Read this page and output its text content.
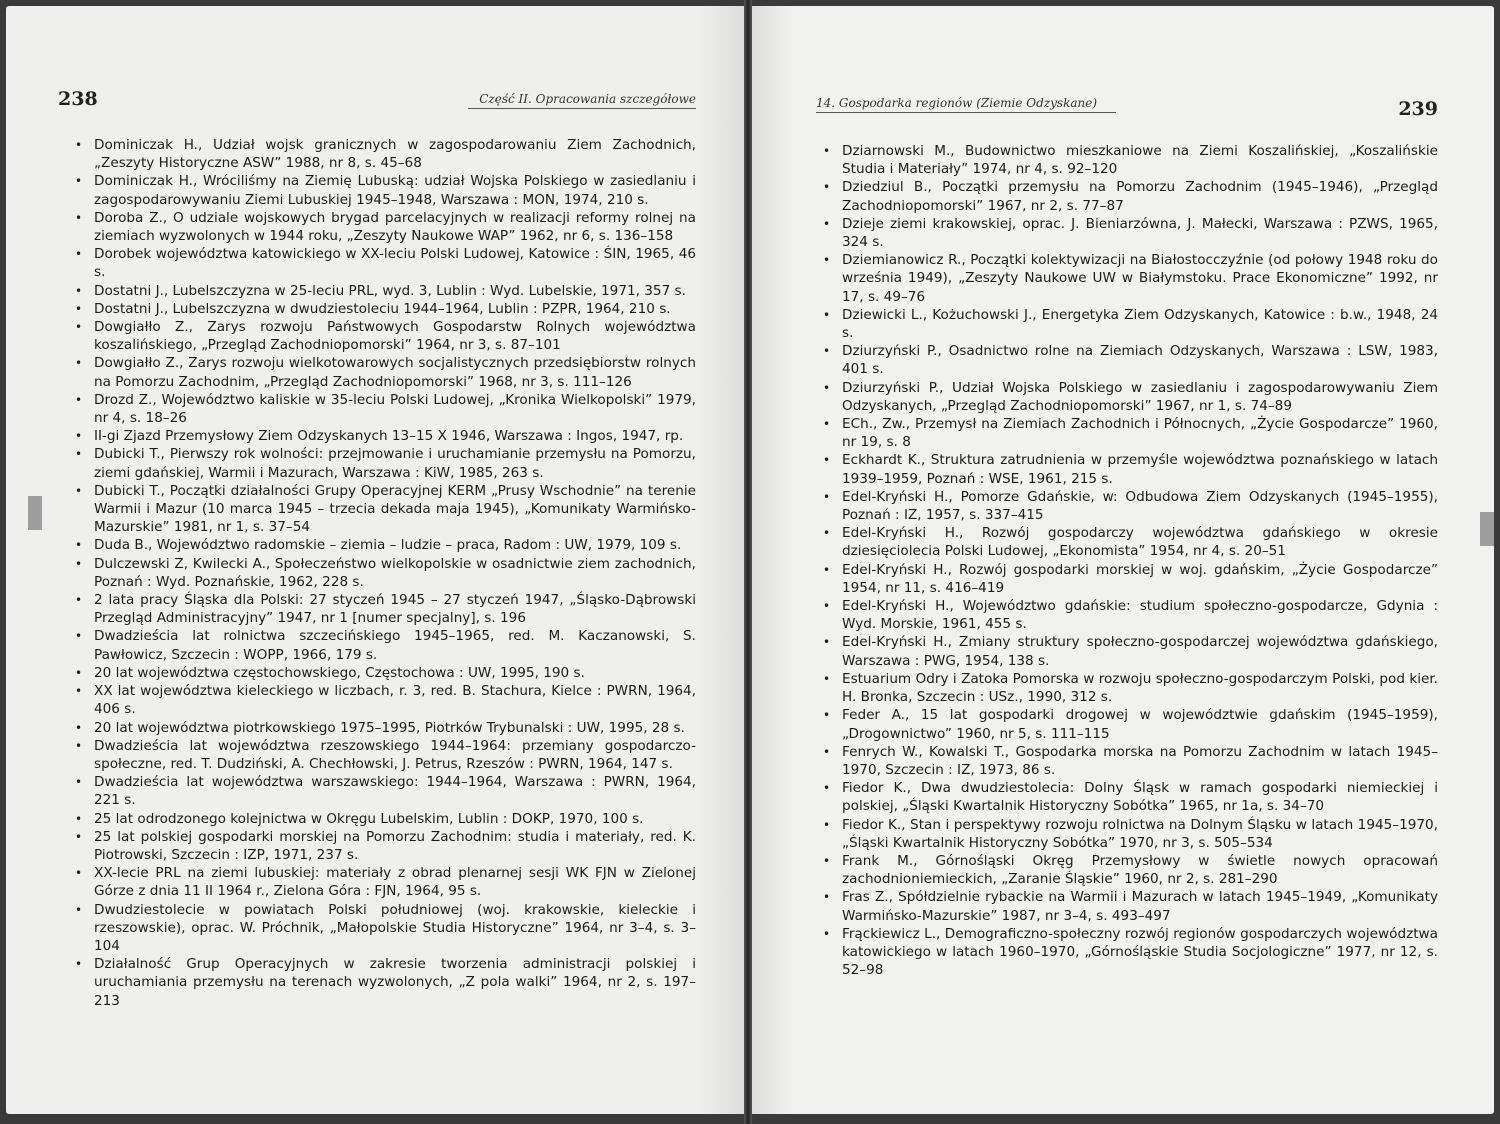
238	Część II. Opracowania szczegółowe
• Dominiczak H., Udział wojsk granicznych w zagospodarowaniu Ziem Zachodnich, „Zeszyty Historyczne ASW” 1988, nr 8, s. 45–68
• Dominiczak H., Wróciliśmy na Ziemię Lubuską: udział Wojska Polskiego w zasiedlaniu i zagospodarowywaniu Ziemi Lubuskiej 1945–1948, Warszawa : MON, 1974, 210 s.
• Doroba Z., O udziale wojskowych brygad parcelacyjnych w realizacji reformy rolnej na ziemiach wyzwolonych w 1944 roku, „Zeszyty Naukowe WAP” 1962, nr 6, s. 136–158
• Dorobek województwa katowickiego w XX-leciu Polski Ludowej, Katowice : ŚIN, 1965, 46 s.
• Dostatni J., Lubelszczyzna w 25-leciu PRL, wyd. 3, Lublin : Wyd. Lubelskie, 1971, 357 s.
• Dostatni J., Lubelszczyzna w dwudziestoleciu 1944–1964, Lublin : PZPR, 1964, 210 s.
• Dowgiałło Z., Zarys rozwoju Państwowych Gospodarstw Rolnych województwa koszalińskiego, „Przegląd Zachodniopomorski” 1964, nr 3, s. 87–101
• Dowgiałło Z., Zarys rozwoju wielkotowarowych socjalistycznych przedsiębiorstw rolnych na Pomorzu Zachodnim, „Przegląd Zachodniopomorski” 1968, nr 3, s. 111–126
• Drozd Z., Województwo kaliskie w 35-leciu Polski Ludowej, „Kronika Wielkopolski” 1979, nr 4, s. 18–26
• II-gi Zjazd Przemysłowy Ziem Odzyskanych 13–15 X 1946, Warszawa : Ingos, 1947, rp.
• Dubicki T., Pierwszy rok wolności: przejmowanie i uruchamianie przemysłu na Pomorzu, ziemi gdańskiej, Warmii i Mazurach, Warszawa : KiW, 1985, 263 s.
• Dubicki T., Początki działalności Grupy Operacyjnej KERM „Prusy Wschodnie” na terenie Warmii i Mazur (10 marca 1945 – trzecia dekada maja 1945), „Komunikaty Warmińsko-Mazurskie” 1981, nr 1, s. 37–54
• Duda B., Województwo radomskie – ziemia – ludzie – praca, Radom : UW, 1979, 109 s.
• Dulczewski Z, Kwilecki A., Społeczeństwo wielkopolskie w osadnictwie ziem zachodnich, Poznań : Wyd. Poznańskie, 1962, 228 s.
• 2 lata pracy Śląska dla Polski: 27 styczeń 1945 – 27 styczeń 1947, „Śląsko-Dąbrowski Przegląd Administracyjny” 1947, nr 1 [numer specjalny], s. 196
• Dwadzieścia lat rolnictwa szczecińskiego 1945–1965, red. M. Kaczanowski, S. Pawłowicz, Szczecin : WOPP, 1966, 179 s.
• 20 lat województwa częstochowskiego, Częstochowa : UW, 1995, 190 s.
• XX lat województwa kieleckiego w liczbach, r. 3, red. B. Stachura, Kielce : PWRN, 1964, 406 s.
• 20 lat województwa piotrkowskiego 1975–1995, Piotrków Trybunalski : UW, 1995, 28 s.
• Dwadzieścia lat województwa rzeszowskiego 1944–1964: przemiany gospodarczo-społeczne, red. T. Dudziński, A. Chechłowski, J. Petrus, Rzeszów : PWRN, 1964, 147 s.
• Dwadzieścia lat województwa warszawskiego: 1944–1964, Warszawa : PWRN, 1964, 221 s.
• 25 lat odrodzonego kolejnictwa w Okręgu Lubelskim, Lublin : DOKP, 1970, 100 s.
• 25 lat polskiej gospodarki morskiej na Pomorzu Zachodnim: studia i materiały, red. K. Piotrowski, Szczecin : IZP, 1971, 237 s.
• XX-lecie PRL na ziemi lubuskiej: materiały z obrad plenarnej sesji WK FJN w Zielonej Górze z dnia 11 II 1964 r., Zielona Góra : FJN, 1964, 95 s.
• Dwudziestolecie w powiatach Polski południowej (woj. krakowskie, kieleckie i rzeszowskie), oprac. W. Próchnik, „Małopolskie Studia Historyczne” 1964, nr 3–4, s. 3–104
• Działalność Grup Operacyjnych w zakresie tworzenia administracji polskiej i uruchamiania przemysłu na terenach wyzwolonych, „Z pola walki” 1964, nr 2, s. 197–213
239
14. Gospodarka regionów (Ziemie Odzyskane)
• Dziarnowski M., Budownictwo mieszkaniowe na Ziemi Koszalińskiej, „Koszalińskie Studia i Materiały” 1974, nr 4, s. 92–120
• Dziedziul B., Początki przemysłu na Pomorzu Zachodnim (1945–1946), „Przegląd Zachodniopomorski” 1967, nr 2, s. 77–87
• Dzieje ziemi krakowskiej, oprac. J. Bieniarzówna, J. Małecki, Warszawa : PZWS, 1965, 324 s.
• Dziemianowicz R., Początki kolektywizacji na Białostocczyźnie (od połowy 1948 roku do września 1949), „Zeszyty Naukowe UW w Białymstoku. Prace Ekonomiczne” 1992, nr 17, s. 49–76
• Dziewicki L., Kożuchowski J., Energetyka Ziem Odzyskanych, Katowice : b.w., 1948, 24 s.
• Dziurzyński P., Osadnictwo rolne na Ziemiach Odzyskanych, Warszawa : LSW, 1983, 401 s.
• Dziurzyński P., Udział Wojska Polskiego w zasiedlaniu i zagospodarowywaniu Ziem Odzyskanych, „Przegląd Zachodniopomorski” 1967, nr 1, s. 74–89
• ECh., Zw., Przemysł na Ziemiach Zachodnich i Północnych, „Życie Gospodarcze” 1960, nr 19, s. 8
• Eckhardt K., Struktura zatrudnienia w przemyśle województwa poznańskiego w latach 1939–1959, Poznań : WSE, 1961, 215 s.
• Edel-Kryński H., Pomorze Gdańskie, w: Odbudowa Ziem Odzyskanych (1945–1955), Poznań : IZ, 1957, s. 337–415
• Edel-Kryński H., Rozwój gospodarczy województwa gdańskiego w okresie dziesięciolecia Polski Ludowej, „Ekonomista” 1954, nr 4, s. 20–51
• Edel-Kryński H., Rozwój gospodarki morskiej w woj. gdańskim, „Życie Gospodarcze” 1954, nr 11, s. 416–419
• Edel-Kryński H., Województwo gdańskie: studium społeczno-gospodarcze, Gdynia : Wyd. Morskie, 1961, 455 s.
• Edel-Kryński H., Zmiany struktury społeczno-gospodarczej województwa gdańskiego, Warszawa : PWG, 1954, 138 s.
• Estuarium Odry i Zatoka Pomorska w rozwoju społeczno-gospodarczym Polski, pod kier. H. Bronka, Szczecin : USz., 1990, 312 s.
• Feder A., 15 lat gospodarki drogowej w województwie gdańskim (1945–1959), „Drogownictwo” 1960, nr 5, s. 111–115
• Fenrych W., Kowalski T., Gospodarka morska na Pomorzu Zachodnim w latach 1945–1970, Szczecin : IZ, 1973, 86 s.
• Fiedor K., Dwa dwudziestolecia: Dolny Śląsk w ramach gospodarki niemieckiej i polskiej, „Śląski Kwartalnik Historyczny Sobótka” 1965, nr 1a, s. 34–70
• Fiedor K., Stan i perspektywy rozwoju rolnictwa na Dolnym Śląsku w latach 1945–1970, „Śląski Kwartalnik Historyczny Sobótka” 1970, nr 3, s. 505–534
• Frank M., Górnośląski Okręg Przemysłowy w świetle nowych opracowań zachodnioniemieckich, „Zaranie Śląskie” 1960, nr 2, s. 281–290
• Fras Z., Spółdzielnie rybackie na Warmii i Mazurach w latach 1945–1949, „Komunikaty Warmińsko-Mazurskie” 1987, nr 3–4, s. 493–497
• Frąckiewicz L., Demograficzno-społeczny rozwój regionów gospodarczych województwa katowickiego w latach 1960–1970, „Górnośląskie Studia Socjologiczne” 1977, nr 12, s. 52–98
